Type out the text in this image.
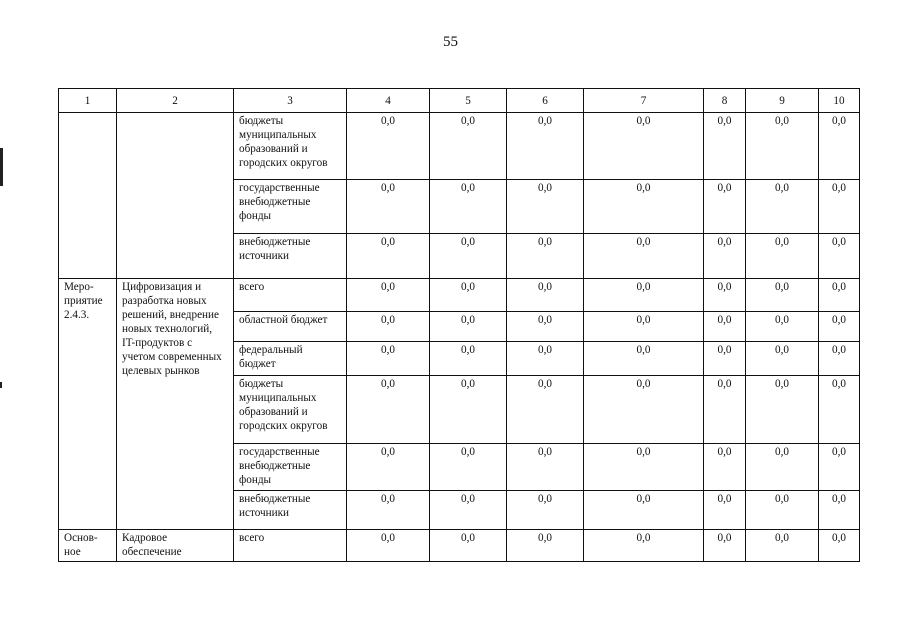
55
1	2	3	4	5	6	7	8	9	10
		бюджеты муниципальных образований и городских округов	0,0	0,0	0,0	0,0	0,0	0,0	0,0
		государственные внебюджетные фонды	0,0	0,0	0,0	0,0	0,0	0,0	0,0
		внебюджетные источники	0,0	0,0	0,0	0,0	0,0	0,0	0,0
Меро-приятие 2.4.3.	Цифровизация и разработка новых решений, внедрение новых технологий, IT-продуктов с учетом современных целевых рынков	всего	0,0	0,0	0,0	0,0	0,0	0,0	0,0
		областной бюджет	0,0	0,0	0,0	0,0	0,0	0,0	0,0
		федеральный бюджет	0,0	0,0	0,0	0,0	0,0	0,0	0,0
		бюджеты муниципальных образований и городских округов	0,0	0,0	0,0	0,0	0,0	0,0	0,0
		государственные внебюджетные фонды	0,0	0,0	0,0	0,0	0,0	0,0	0,0
		внебюджетные источники	0,0	0,0	0,0	0,0	0,0	0,0	0,0
Основ-ное	Кадровое обеспечение	всего	0,0	0,0	0,0	0,0	0,0	0,0	0,0
